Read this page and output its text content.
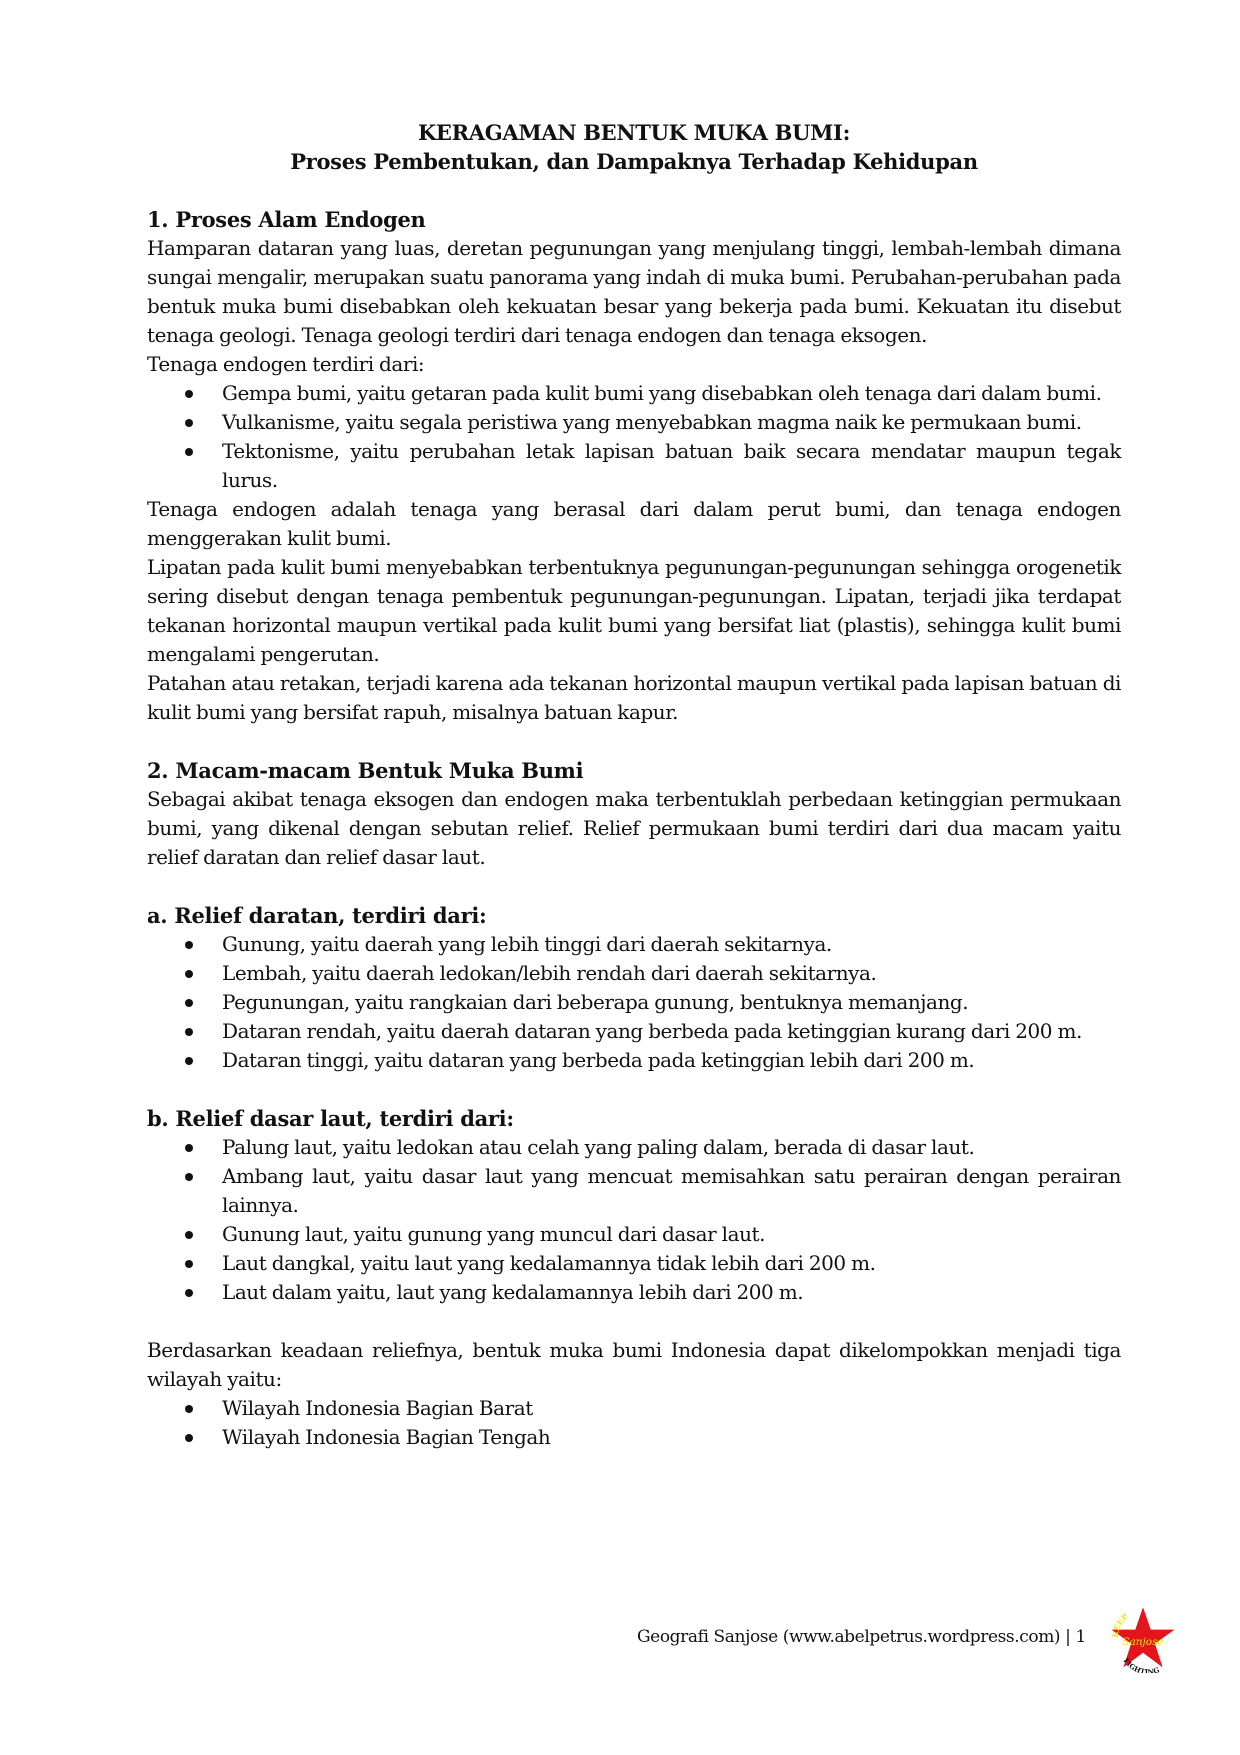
KERAGAMAN BENTUK MUKA BUMI:
Proses Pembentukan, dan Dampaknya Terhadap Kehidupan
1. Proses Alam Endogen

Hamparan dataran yang luas, deretan pegunungan yang menjulang tinggi, lembah-lembah dimana sungai mengalir, merupakan suatu panorama yang indah di muka bumi. Perubahan-perubahan pada bentuk muka bumi disebabkan oleh kekuatan besar yang bekerja pada bumi. Kekuatan itu disebut tenaga geologi. Tenaga geologi terdiri dari tenaga endogen dan tenaga eksogen.

Tenaga endogen terdiri dari:

Gempa bumi, yaitu getaran pada kulit bumi yang disebabkan oleh tenaga dari dalam bumi.
Vulkanisme, yaitu segala peristiwa yang menyebabkan magma naik ke permukaan bumi.
Tektonisme, yaitu perubahan letak lapisan batuan baik secara mendatar maupun tegak lurus.

Tenaga endogen adalah tenaga yang berasal dari dalam perut bumi, dan tenaga endogen menggerakan kulit bumi.

Lipatan pada kulit bumi menyebabkan terbentuknya pegunungan-pegunungan sehingga orogenetik sering disebut dengan tenaga pembentuk pegunungan-pegunungan. Lipatan, terjadi jika terdapat tekanan horizontal maupun vertikal pada kulit bumi yang bersifat liat (plastis), sehingga kulit bumi mengalami pengerutan.

Patahan atau retakan, terjadi karena ada tekanan horizontal maupun vertikal pada lapisan batuan di kulit bumi yang bersifat rapuh, misalnya batuan kapur.

2. Macam-macam Bentuk Muka Bumi

Sebagai akibat tenaga eksogen dan endogen maka terbentuklah perbedaan ketinggian permukaan bumi, yang dikenal dengan sebutan relief. Relief permukaan bumi terdiri dari dua macam yaitu relief daratan dan relief dasar laut.

a. Relief daratan, terdiri dari:
Gunung, yaitu daerah yang lebih tinggi dari daerah sekitarnya.
Lembah, yaitu daerah ledokan/lebih rendah dari daerah sekitarnya.
Pegunungan, yaitu rangkaian dari beberapa gunung, bentuknya memanjang.
Dataran rendah, yaitu daerah dataran yang berbeda pada ketinggian kurang dari 200 m.
Dataran tinggi, yaitu dataran yang berbeda pada ketinggian lebih dari 200 m.
b. Relief dasar laut, terdiri dari:
Palung laut, yaitu ledokan atau celah yang paling dalam, berada di dasar laut.
Ambang laut, yaitu dasar laut yang mencuat memisahkan satu perairan dengan perairan lainnya.
Gunung laut, yaitu gunung yang muncul dari dasar laut.
Laut dangkal, yaitu laut yang kedalamannya tidak lebih dari 200 m.
Laut dalam yaitu, laut yang kedalamannya lebih dari 200 m.

Berdasarkan keadaan reliefnya, bentuk muka bumi Indonesia dapat dikelompokkan menjadi tiga wilayah yaitu:

Wilayah Indonesia Bagian Barat
Wilayah Indonesia Bagian Tengah
Geografi Sanjose (www.abelpetrus.wordpress.com) | 1 KEEP
Sanjose
FIGHTING
